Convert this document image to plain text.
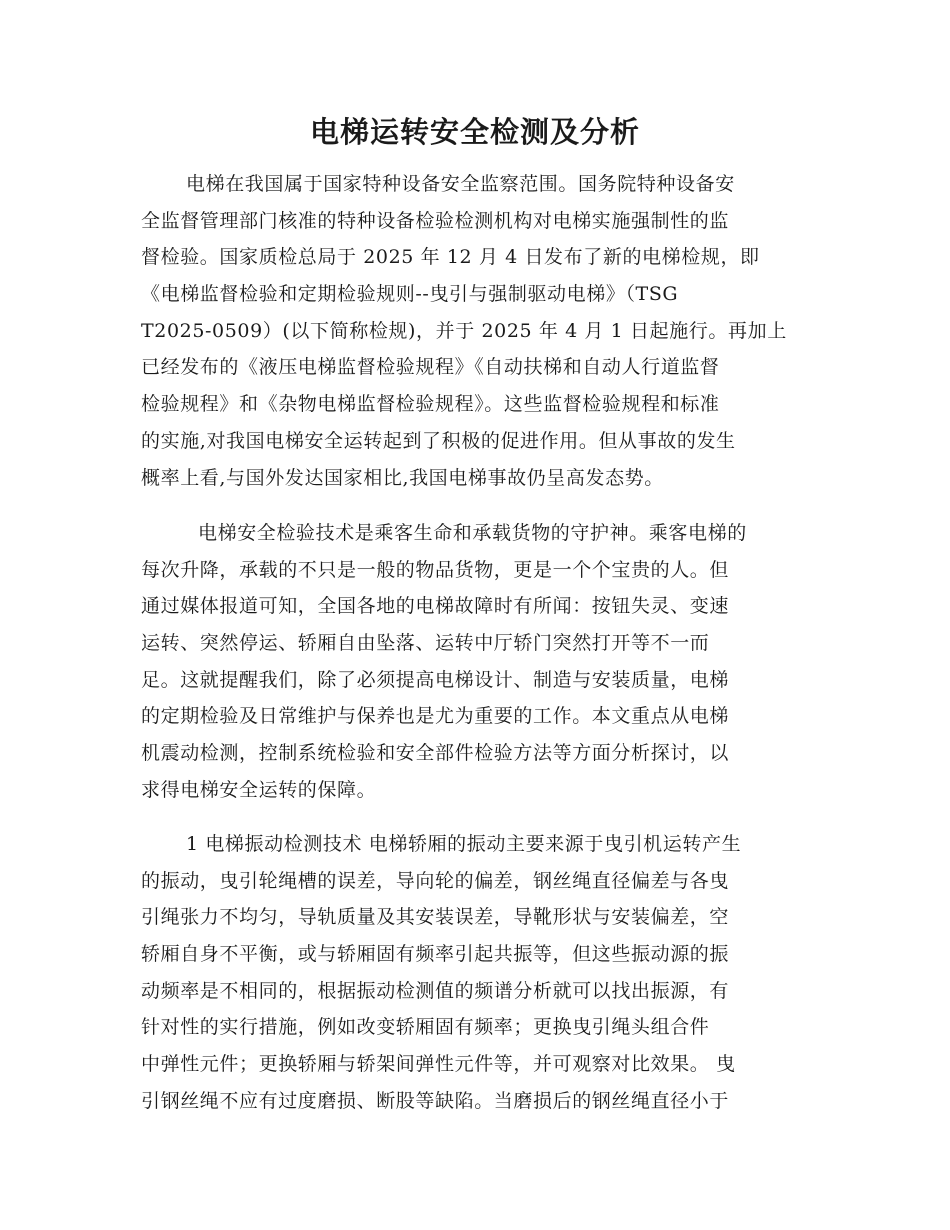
电梯运转安全检测及分析
电梯在我国属于国家特种设备安全监察范围。国务院特种设备安
全监督管理部门核准的特种设备检验检测机构对电梯实施强制性的监
督检验。国家质检总局于 2025 年 12 月 4 日发布了新的电梯检规，即
《电梯监督检验和定期检验规则--曳引与强制驱动电梯》（TSG
T2025-0509）(以下简称检规)，并于 2025 年 4 月 1 日起施行。再加上
已经发布的《液压电梯监督检验规程》《自动扶梯和自动人行道监督
检验规程》和《杂物电梯监督检验规程》。这些监督检验规程和标准
的实施,对我国电梯安全运转起到了积极的促进作用。但从事故的发生
概率上看,与国外发达国家相比,我国电梯事故仍呈高发态势。
电梯安全检验技术是乘客生命和承载货物的守护神。乘客电梯的
每次升降，承载的不只是一般的物品货物，更是一个个宝贵的人。但
通过媒体报道可知，全国各地的电梯故障时有所闻：按钮失灵、变速
运转、突然停运、轿厢自由坠落、运转中厅轿门突然打开等不一而
足。这就提醒我们，除了必须提高电梯设计、制造与安装质量，电梯
的定期检验及日常维护与保养也是尤为重要的工作。本文重点从电梯
机震动检测，控制系统检验和安全部件检验方法等方面分析探讨，以
求得电梯安全运转的保障。
1 电梯振动检测技术 电梯轿厢的振动主要来源于曳引机运转产生
的振动，曳引轮绳槽的误差，导向轮的偏差，钢丝绳直径偏差与各曳
引绳张力不均匀，导轨质量及其安装误差，导靴形状与安装偏差，空
轿厢自身不平衡，或与轿厢固有频率引起共振等，但这些振动源的振
动频率是不相同的，根据振动检测值的频谱分析就可以找出振源，有
针对性的实行措施，例如改变轿厢固有频率；更换曳引绳头组合件
中弹性元件；更换轿厢与轿架间弹性元件等，并可观察对比效果。 曳
引钢丝绳不应有过度磨损、断股等缺陷。当磨损后的钢丝绳直径小于
